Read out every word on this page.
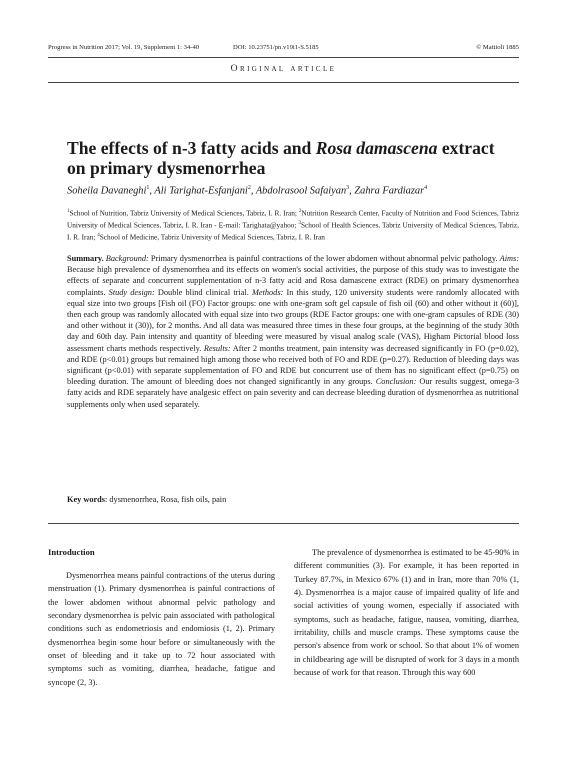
Progress in Nutrition 2017; Vol. 19, Supplement 1: 34-40	DOI: 10.23751/pn.v19i1-S.5185	© Mattioli 1885
Original article
The effects of n-3 fatty acids and Rosa damascena extract on primary dysmenorrhea
Soheila Davaneghi$^1$, Ali Tarighat-Esfanjani$^2$, Abdolrasool Safaiyan$^3$, Zahra Fardiazar$^4$
$^1$School of Nutrition, Tabriz University of Medical Sciences, Tabriz, I. R. Iran; $^2$Nutrition Research Center, Faculty of Nutrition and Food Sciences, Tabriz University of Medical Sciences, Tabriz, I. R. Iran - E-mail: Tarighata@yahoo; $^3$School of Health Sciences, Tabriz University of Medical Sciences, Tabriz, I. R. Iran; $^4$School of Medicine, Tabriz University of Medical Sciences, Tabriz, I. R. Iran

Summary. Background: Primary dysmenorrhea is painful contractions of the lower abdomen without abnormal pelvic pathology. Aims: Because high prevalence of dysmenorrhea and its effects on women's social activities, the purpose of this study was to investigate the effects of separate and concurrent supplementation of n-3 fatty acid and Rosa damascene extract (RDE) on primary dysmenorrhea complaints. Study design: Double blind clinical trial. Methods: In this study, 120 university students were randomly allocated with equal size into two groups [Fish oil (FO) Factor groups: one with one-gram soft gel capsule of fish oil (60) and other without it (60)], then each group was randomly allocated with equal size into two groups (RDE Factor groups: one with one-gram capsules of RDE (30) and other without it (30)), for 2 months. And all data was measured three times in these four groups, at the beginning of the study 30th day and 60th day. Pain intensity and quantity of bleeding were measured by visual analog scale (VAS), Higham Pictorial blood loss assessment charts methods respectively. Results: After 2 months treatment, pain intensity was decreased significantly in FO (p=0.02), and RDE (p<0.01) groups but remained high among those who received both of FO and RDE (p=0.27). Reduction of bleeding days was significant (p<0.01) with separate supplementation of FO and RDE but concurrent use of them has no significant effect (p=0.75) on bleeding duration. The amount of bleeding does not changed significantly in any groups. Conclusion: Our results suggest, omega-3 fatty acids and RDE separately have analgesic effect on pain severity and can decrease bleeding duration of dysmenorrhea as nutritional supplements only when used separately.

Key words: dysmenorrhea, Rosa, fish oils, pain
Introduction

Dysmenorrhea means painful contractions of the uterus during menstruation (1). Primary dysmenorrhea is painful contractions of the lower abdomen without abnormal pelvic pathology and secondary dysmenorrhea is pelvic pain associated with pathological conditions such as endometriosis and endomiosis (1, 2). Primary dysmenorrhea begin some hour before or simultaneously with the onset of bleeding and it take up to 72 hour associated with symptoms such as vomiting, diarrhea, headache, fatigue and syncope (2, 3).

The prevalence of dysmenorrhea is estimated to be 45-90% in different communities (3). For example, it has been reported in Turkey 87.7%, in Mexico 67% (1) and in Iran, more than 70% (1, 4). Dysmenorrhea is a major cause of impaired quality of life and social activities of young women, especially if associated with symptoms, such as headache, fatigue, nausea, vomiting, diarrhea, irritability, chills and muscle cramps. These symptoms cause the person's absence from work or school. So that about 1% of women in childbearing age will be disrupted of work for 3 days in a month because of work for that reason. Through this way 600
